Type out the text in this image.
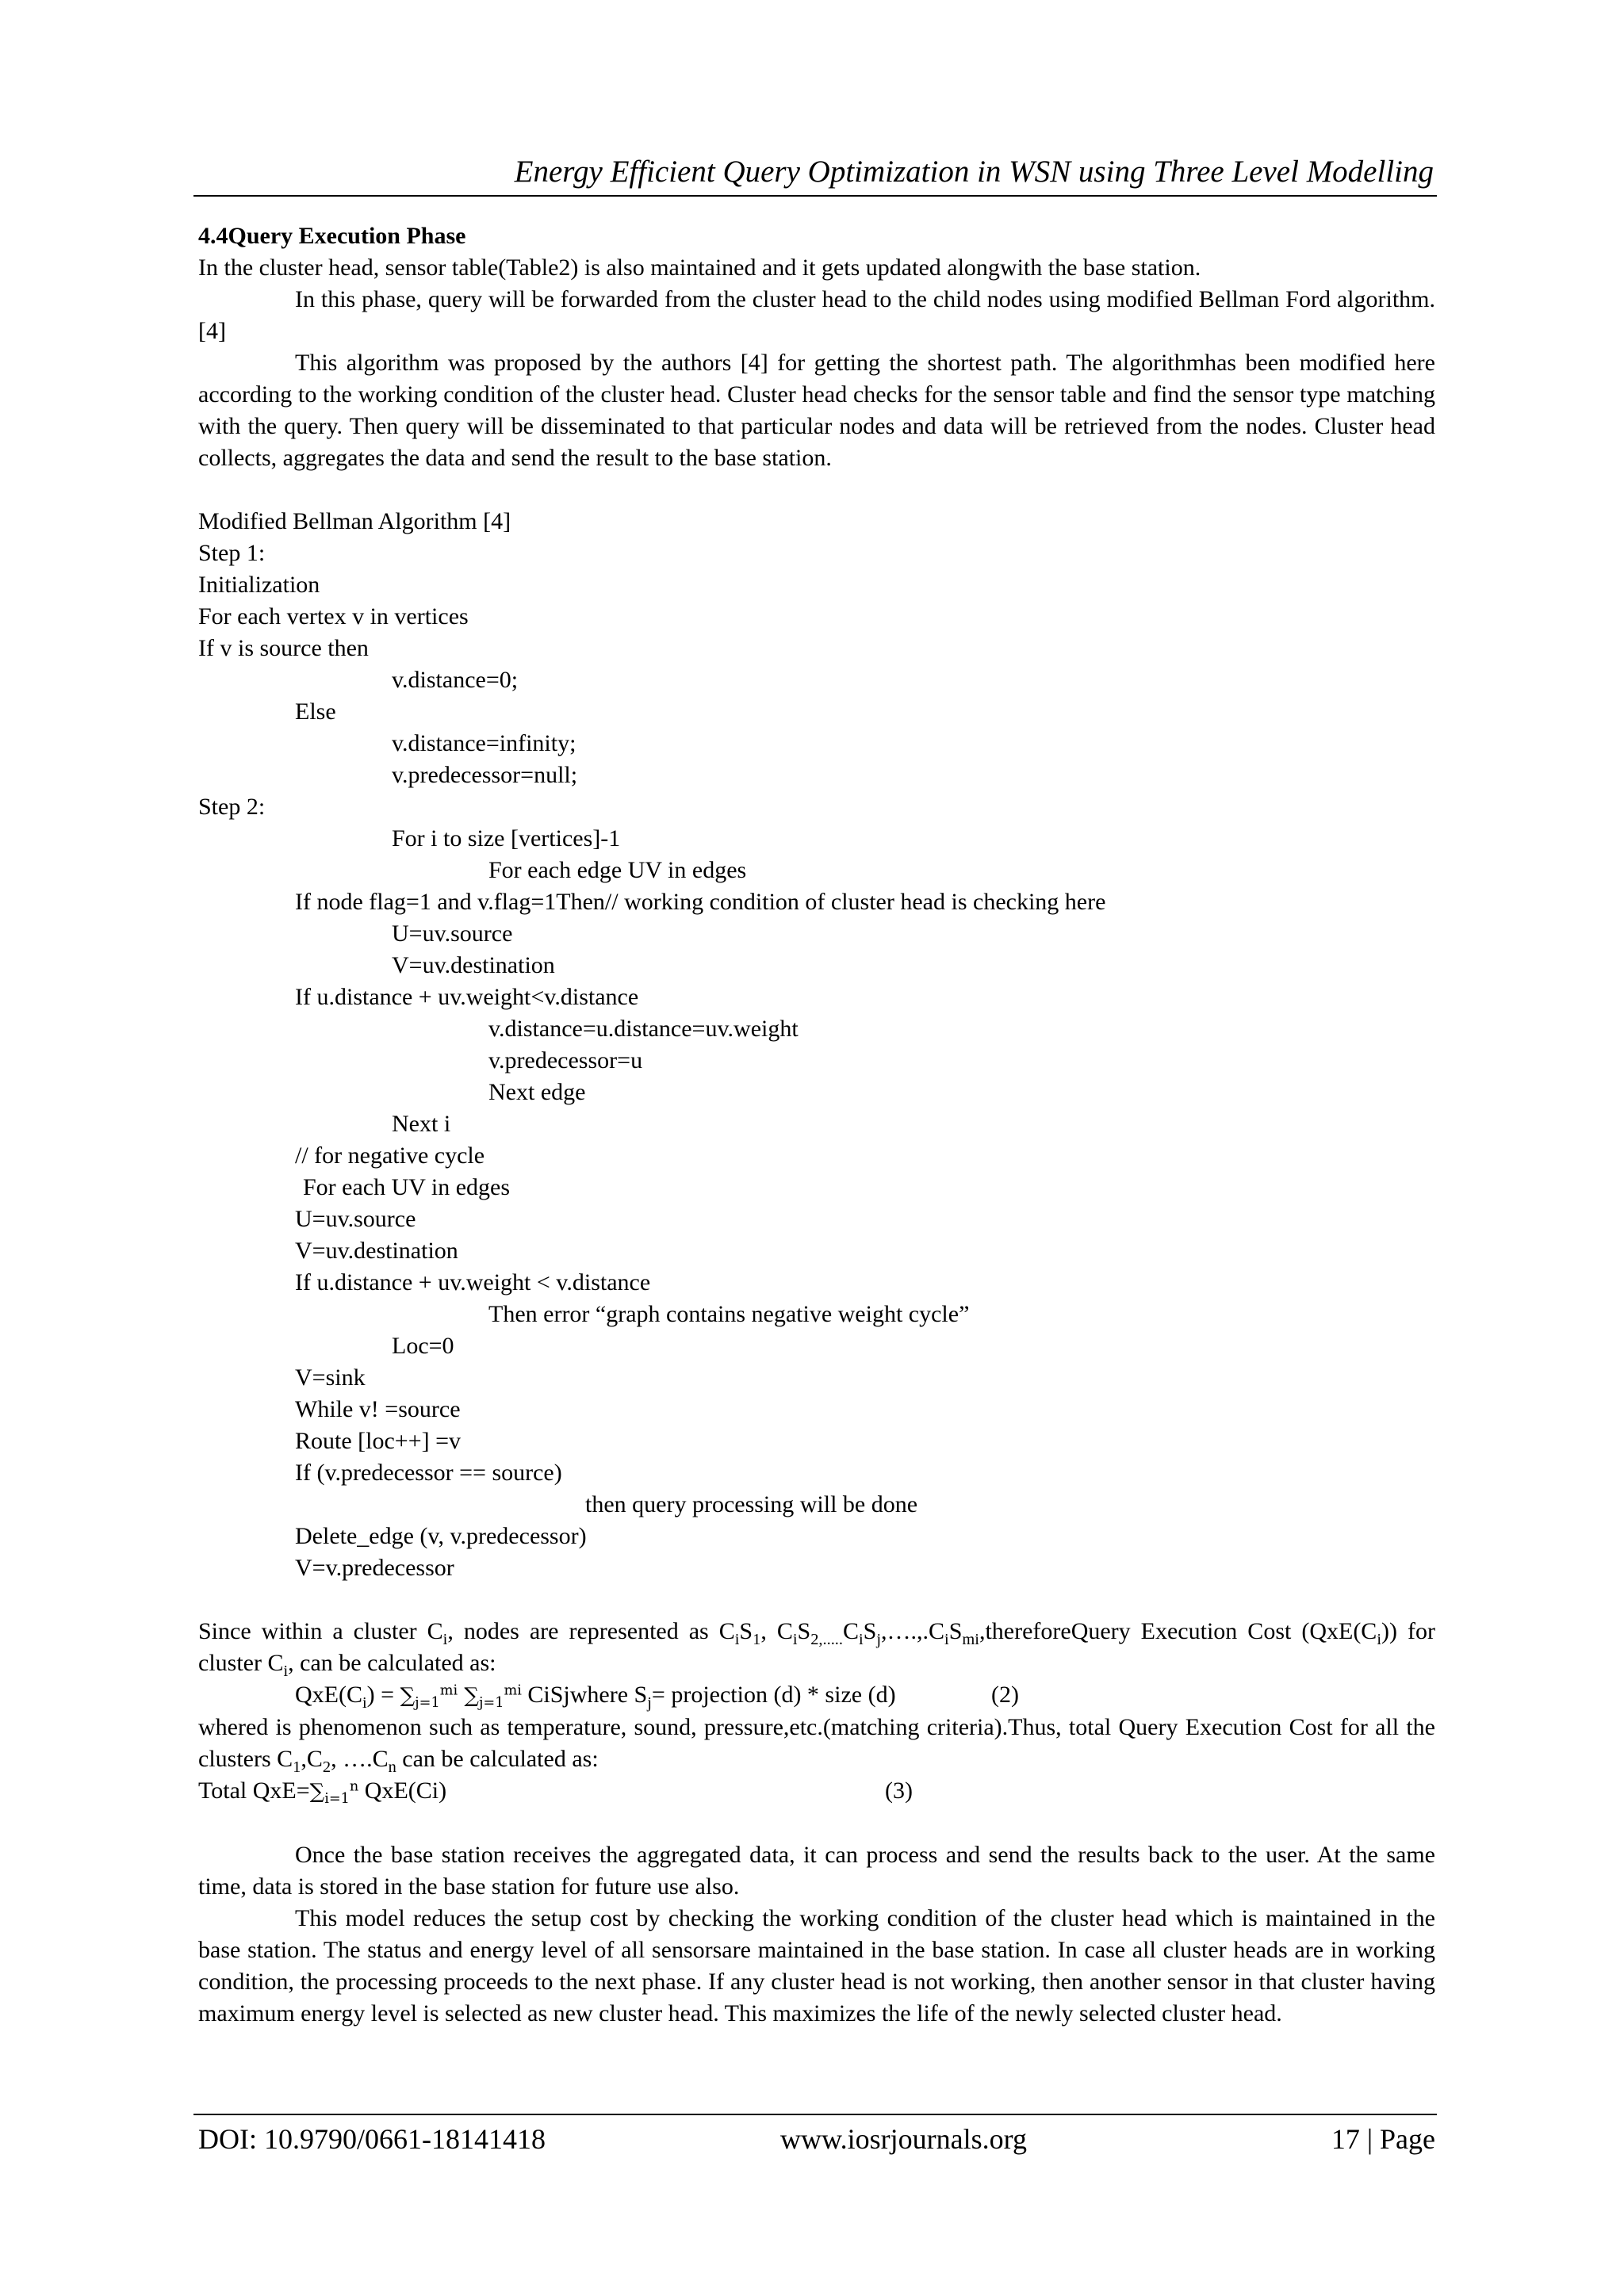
Energy Efficient Query Optimization in WSN using Three Level Modelling

4.4Query Execution Phase

In the cluster head, sensor table(Table2) is also maintained and it gets updated alongwith the base station.

In this phase, query will be forwarded from the cluster head to the child nodes using modified Bellman Ford algorithm.[4]

This algorithm was proposed by the authors [4] for getting the shortest path. The algorithmhas been modified here according to the working condition of the cluster head. Cluster head checks for the sensor table and find the sensor type matching with the query. Then query will be disseminated to that particular nodes and data will be retrieved from the nodes. Cluster head collects, aggregates the data and send the result to the base station.

Modified Bellman Algorithm [4]
Step 1:
Initialization
For each vertex v in vertices
If v is source then
v.distance=0;
Else
v.distance=infinity;
v.predecessor=null;
Step 2:
For i to size [vertices]-1
For each edge UV in edges
If node flag=1 and v.flag=1Then// working condition of cluster head is checking here
U=uv.source
V=uv.destination
If u.distance + uv.weight<v.distance
v.distance=u.distance=uv.weight
v.predecessor=u
Next edge
Next i
// for negative cycle
For each UV in edges
U=uv.source
V=uv.destination
If u.distance + uv.weight < v.distance
Then error “graph contains negative weight cycle”
Loc=0
V=sink
While v! =source
Route [loc++] =v
If (v.predecessor == source)
then query processing will be done
Delete_edge (v, v.predecessor)
V=v.predecessor

Since within a cluster $C_i$, nodes are represented as $C_iS_1$, $C_iS_{2,.....}C_iS_j,\dots.,.C_iS_{mi},thereforeQuery$ Execution Cost $(QxE(C_i))$ for cluster $C_i$, can be calculated as:

$QxE(C_i) = \sum_{j=1}^{mi}$ $\sum_{j=1}^{mi}$ CiSjwhere $S_j=$ projection (d) * size (d)	(2)

whered is phenomenon such as temperature, sound, pressure,etc.(matching criteria).Thus, total Query Execution Cost for all the clusters $C_1,C_2$, $\dots.C_n$ can be calculated as:

Total $QxE=\sum_{i=1}^n$ QxE(Ci)	(3)

Once the base station receives the aggregated data, it can process and send the results back to the user. At the same time, data is stored in the base station for future use also.

This model reduces the setup cost by checking the working condition of the cluster head which is maintained in the base station. The status and energy level of all sensorsare maintained in the base station. In case all cluster heads are in working condition, the processing proceeds to the next phase. If any cluster head is not working, then another sensor in that cluster having maximum energy level is selected as new cluster head. This maximizes the life of the newly selected cluster head.

DOI: 10.9790/0661-18141418	www.iosrjournals.org	17 | Page
